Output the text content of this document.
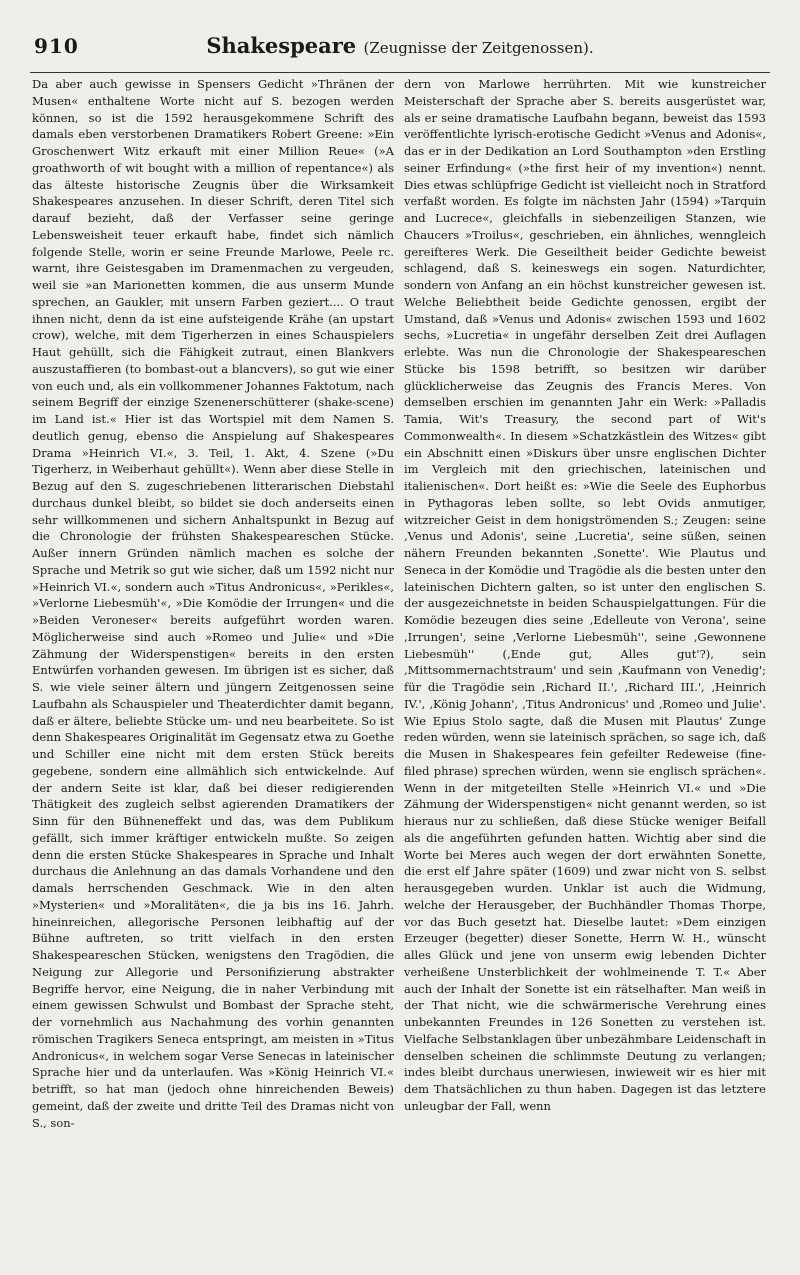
910	Shakespeare (Zeugnisse der Zeitgenossen).

Da aber auch gewisse in Spensers Gedicht »Thränen der Musen« enthaltene Worte nicht auf S. bezogen werden können, so ist die 1592 herausgekommene Schrift des damals eben verstorbenen Dramatikers Robert Greene: »Ein Groschenwert Witz erkauft mit einer Million Reue« (»A groathworth of wit bought with a million of repentance«) als das älteste historische Zeugnis über die Wirksamkeit Shakespeares anzusehen. In dieser Schrift, deren Titel sich darauf bezieht, daß der Verfasser seine geringe Lebensweisheit teuer erkauft habe, findet sich nämlich folgende Stelle, worin er seine Freunde Marlowe, Peele rc. warnt, ihre Geistesgaben im Dramenmachen zu vergeuden, weil sie »an Marionetten kommen, die aus unserm Munde sprechen, an Gaukler, mit unsern Farben geziert.... O traut ihnen nicht, denn da ist eine aufsteigende Krähe (an upstart crow), welche, mit dem Tigerherzen in eines Schauspielers Haut gehüllt, sich die Fähigkeit zutraut, einen Blankvers auszustaffieren (to bombast-out a blancvers), so gut wie einer von euch und, als ein vollkommener Johannes Faktotum, nach seinem Begriff der einzige Szenenerschütterer (shake-scene) im Land ist.« Hier ist das Wortspiel mit dem Namen S. deutlich genug, ebenso die Anspielung auf Shakespeares Drama »Heinrich VI.«, 3. Teil, 1. Akt, 4. Szene (»Du Tigerherz, in Weiberhaut gehüllt«). Wenn aber diese Stelle in Bezug auf den S. zugeschriebenen litterarischen Diebstahl durchaus dunkel bleibt, so bildet sie doch anderseits einen sehr willkommenen und sichern Anhaltspunkt in Bezug auf die Chronologie der frühsten Shakespeareschen Stücke. Außer innern Gründen nämlich machen es solche der Sprache und Metrik so gut wie sicher, daß um 1592 nicht nur »Heinrich VI.«, sondern auch »Titus Andronicus«, »Perikles«, »Verlorne Liebesmüh'«, »Die Komödie der Irrungen« und die »Beiden Veroneser« bereits aufgeführt worden waren. Möglicherweise sind auch »Romeo und Julie« und »Die Zähmung der Widerspenstigen« bereits in den ersten Entwürfen vorhanden gewesen. Im übrigen ist es sicher, daß S. wie viele seiner ältern und jüngern Zeitgenossen seine Laufbahn als Schauspieler und Theaterdichter damit begann, daß er ältere, beliebte Stücke um- und neu bearbeitete. So ist denn Shakespeares Originalität im Gegensatz etwa zu Goethe und Schiller eine nicht mit dem ersten Stück bereits gegebene, sondern eine allmählich sich entwickelnde. Auf der andern Seite ist klar, daß bei dieser redigierenden Thätigkeit des zugleich selbst agierenden Dramatikers der Sinn für den Bühneneffekt und das, was dem Publikum gefällt, sich immer kräftiger entwickeln mußte. So zeigen denn die ersten Stücke Shakespeares in Sprache und Inhalt durchaus die Anlehnung an das damals Vorhandene und den damals herrschenden Geschmack. Wie in den alten »Mysterien« und »Moralitäten«, die ja bis ins 16. Jahrh. hineinreichen, allegorische Personen leibhaftig auf der Bühne auftreten, so tritt vielfach in den ersten Shakespeareschen Stücken, wenigstens den Tragödien, die Neigung zur Allegorie und Personifizierung abstrakter Begriffe hervor, eine Neigung, die in naher Verbindung mit einem gewissen Schwulst und Bombast der Sprache steht, der vornehmlich aus Nachahmung des vorhin genannten römischen Tragikers Seneca entspringt, am meisten in »Titus Andronicus«, in welchem sogar Verse Senecas in lateinischer Sprache hier und da unterlaufen. Was »König Heinrich VI.« betrifft, so hat man (jedoch ohne hinreichenden Beweis) gemeint, daß der zweite und dritte Teil des Dramas nicht von S., son-

dern von Marlowe herrührten. Mit wie kunstreicher Meisterschaft der Sprache aber S. bereits ausgerüstet war, als er seine dramatische Laufbahn begann, beweist das 1593 veröffentlichte lyrisch-erotische Gedicht »Venus and Adonis«, das er in der Dedikation an Lord Southampton »den Erstling seiner Erfindung« (»the first heir of my invention«) nennt. Dies etwas schlüpfrige Gedicht ist vielleicht noch in Stratford verfaßt worden. Es folgte im nächsten Jahr (1594) »Tarquin and Lucrece«, gleichfalls in siebenzeiligen Stanzen, wie Chaucers »Troilus«, geschrieben, ein ähnliches, wenngleich gereifteres Werk. Die Geseiltheit beider Gedichte beweist schlagend, daß S. keineswegs ein sogen. Naturdichter, sondern von Anfang an ein höchst kunstreicher gewesen ist. Welche Beliebtheit beide Gedichte genossen, ergibt der Umstand, daß »Venus und Adonis« zwischen 1593 und 1602 sechs, »Lucretia« in ungefähr derselben Zeit drei Auflagen erlebte. Was nun die Chronologie der Shakespeareschen Stücke bis 1598 betrifft, so besitzen wir darüber glücklicherweise das Zeugnis des Francis Meres. Von demselben erschien im genannten Jahr ein Werk: »Palladis Tamia, Wit's Treasury, the second part of Wit's Commonwealth«. In diesem »Schatzkästlein des Witzes« gibt ein Abschnitt einen »Diskurs über unsre englischen Dichter im Vergleich mit den griechischen, lateinischen und italienischen«. Dort heißt es: »Wie die Seele des Euphorbus in Pythagoras leben sollte, so lebt Ovids anmutiger, witzreicher Geist in dem honigströmenden S.; Zeugen: seine ‚Venus und Adonis', seine ‚Lucretia', seine süßen, seinen nähern Freunden bekannten ‚Sonette'. Wie Plautus und Seneca in der Komödie und Tragödie als die besten unter den lateinischen Dichtern galten, so ist unter den englischen S. der ausgezeichnetste in beiden Schauspielgattungen. Für die Komödie bezeugen dies seine ‚Edelleute von Verona', seine ‚Irrungen', seine ‚Verlorne Liebesmüh'', seine ‚Gewonnene Liebesmüh'' (‚Ende gut, Alles gut'?), sein ‚Mittsommernachtstraum' und sein ‚Kaufmann von Venedig'; für die Tragödie sein ‚Richard II.', ‚Richard III.', ‚Heinrich IV.', ‚König Johann', ‚Titus Andronicus' und ‚Romeo und Julie'. Wie Epius Stolo sagte, daß die Musen mit Plautus' Zunge reden würden, wenn sie lateinisch sprächen, so sage ich, daß die Musen in Shakespeares fein gefeilter Redeweise (fine-filed phrase) sprechen würden, wenn sie englisch sprächen«. Wenn in der mitgeteilten Stelle »Heinrich VI.« und »Die Zähmung der Widerspenstigen« nicht genannt werden, so ist hieraus nur zu schließen, daß diese Stücke weniger Beifall als die angeführten gefunden hatten. Wichtig aber sind die Worte bei Meres auch wegen der dort erwähnten Sonette, die erst elf Jahre später (1609) und zwar nicht von S. selbst herausgegeben wurden. Unklar ist auch die Widmung, welche der Herausgeber, der Buchhändler Thomas Thorpe, vor das Buch gesetzt hat. Dieselbe lautet: »Dem einzigen Erzeuger (begetter) dieser Sonette, Herrn W. H., wünscht alles Glück und jene von unserm ewig lebenden Dichter verheißene Unsterblichkeit der wohlmeinende T. T.« Aber auch der Inhalt der Sonette ist ein rätselhafter. Man weiß in der That nicht, wie die schwärmerische Verehrung eines unbekannten Freundes in 126 Sonetten zu verstehen ist. Vielfache Selbstanklagen über unbezähmbare Leidenschaft in denselben scheinen die schlimmste Deutung zu verlangen; indes bleibt durchaus unerwiesen, inwieweit wir es hier mit dem Thatsächlichen zu thun haben. Dagegen ist das letztere unleugbar der Fall, wenn
